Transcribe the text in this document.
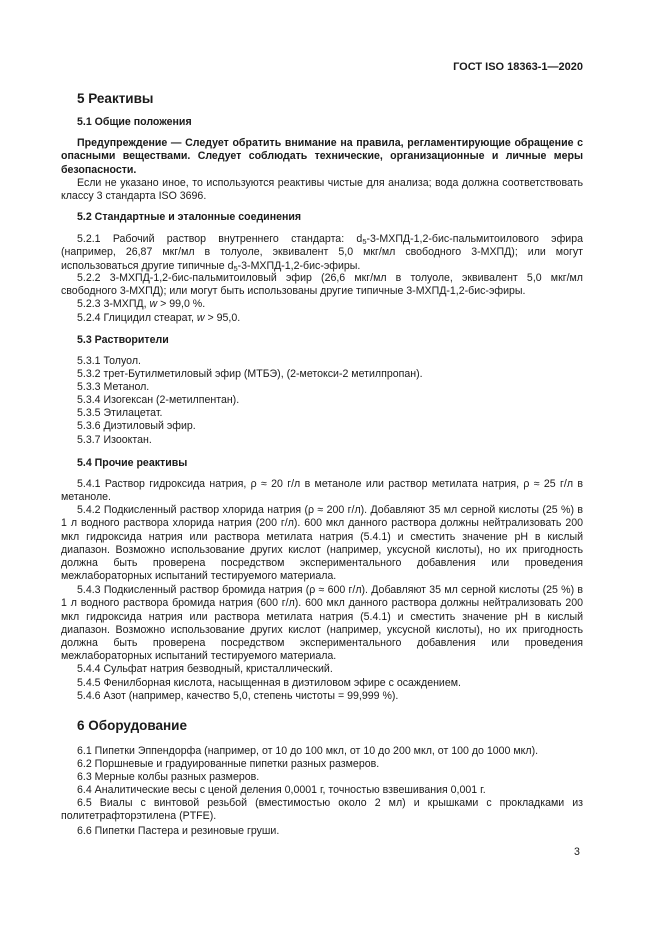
ГОСТ ISO 18363-1—2020
5 Реактивы
5.1 Общие положения

Предупреждение — Следует обратить внимание на правила, регламентирующие обращение с опасными веществами. Следует соблюдать технические, организационные и личные меры безопасности.

Если не указано иное, то используются реактивы чистые для анализа; вода должна соответствовать классу 3 стандарта ISO 3696.

5.2 Стандартные и эталонные соединения

5.2.1 Рабочий раствор внутреннего стандарта: $d_5-3-МХПД-1,2-бис$-пальмитоилового эфира (например, 26,87 мкг/мл в толуоле, эквивалент 5,0 мкг/мл свободного 3-МХПД); или могут использоваться другие типичные $d_5-3-МХПД-1,2-бис$-эфиры.

5.2.2 3-МХПД-1,2-бис-пальмитоиловый эфир (26,6 мкг/мл в толуоле, эквивалент 5,0 мкг/мл свободного 3-МХПД); или могут быть использованы другие типичные 3-МХПД-1,2-бис-эфиры.

5.2.3 3-МХПД, w > 99,0 %.
5.2.4 Глицидил стеарат, w > 95,0.
5.3 Растворители
5.3.1 Толуол.
5.3.2 трет-Бутилметиловый эфир (МТБЭ), (2-метокси-2 метилпропан).
5.3.3 Метанол.
5.3.4 Изогексан (2-метилпентан).
5.3.5 Этилацетат.
5.3.6 Диэтиловый эфир.
5.3.7 Изооктан.
5.4 Прочие реактивы

5.4.1 Раствор гидроксида натрия, ρ ≈ 20 г/л в метаноле или раствор метилата натрия, ρ ≈ 25 г/л в метаноле.

5.4.2 Подкисленный раствор хлорида натрия (ρ ≈ 200 г/л). Добавляют 35 мл серной кислоты (25 %) в 1 л водного раствора хлорида натрия (200 г/л). 600 мкл данного раствора должны нейтрализовать 200 мкл гидроксида натрия или раствора метилата натрия (5.4.1) и сместить значение рН в кислый диапазон. Возможно использование других кислот (например, уксусной кислоты), но их пригодность должна быть проверена посредством экспериментального добавления или проведения межлабораторных испытаний тестируемого материала.

5.4.3 Подкисленный раствор бромида натрия (ρ ≈ 600 г/л). Добавляют 35 мл серной кислоты (25 %) в 1 л водного раствора бромида натрия (600 г/л). 600 мкл данного раствора должны нейтрализовать 200 мкл гидроксида натрия или раствора метилата натрия (5.4.1) и сместить значение рН в кислый диапазон. Возможно использование других кислот (например, уксусной кислоты), но их пригодность должна быть проверена посредством экспериментального добавления или проведения межлабораторных испытаний тестируемого материала.

5.4.4 Сульфат натрия безводный, кристаллический.
5.4.5 Фенилборная кислота, насыщенная в диэтиловом эфире с осаждением.
5.4.6 Азот (например, качество 5,0, степень чистоты = 99,999 %).
6 Оборудование
6.1 Пипетки Эппендорфа (например, от 10 до 100 мкл, от 10 до 200 мкл, от 100 до 1000 мкл).
6.2 Поршневые и градуированные пипетки разных размеров.
6.3 Мерные колбы разных размеров.
6.4 Аналитические весы с ценой деления 0,0001 г, точностью взвешивания 0,001 г.

6.5 Виалы с винтовой резьбой (вместимостью около 2 мл) и крышками с прокладками из политетрафторэтилена (PTFE).

6.6 Пипетки Пастера и резиновые груши.
3
